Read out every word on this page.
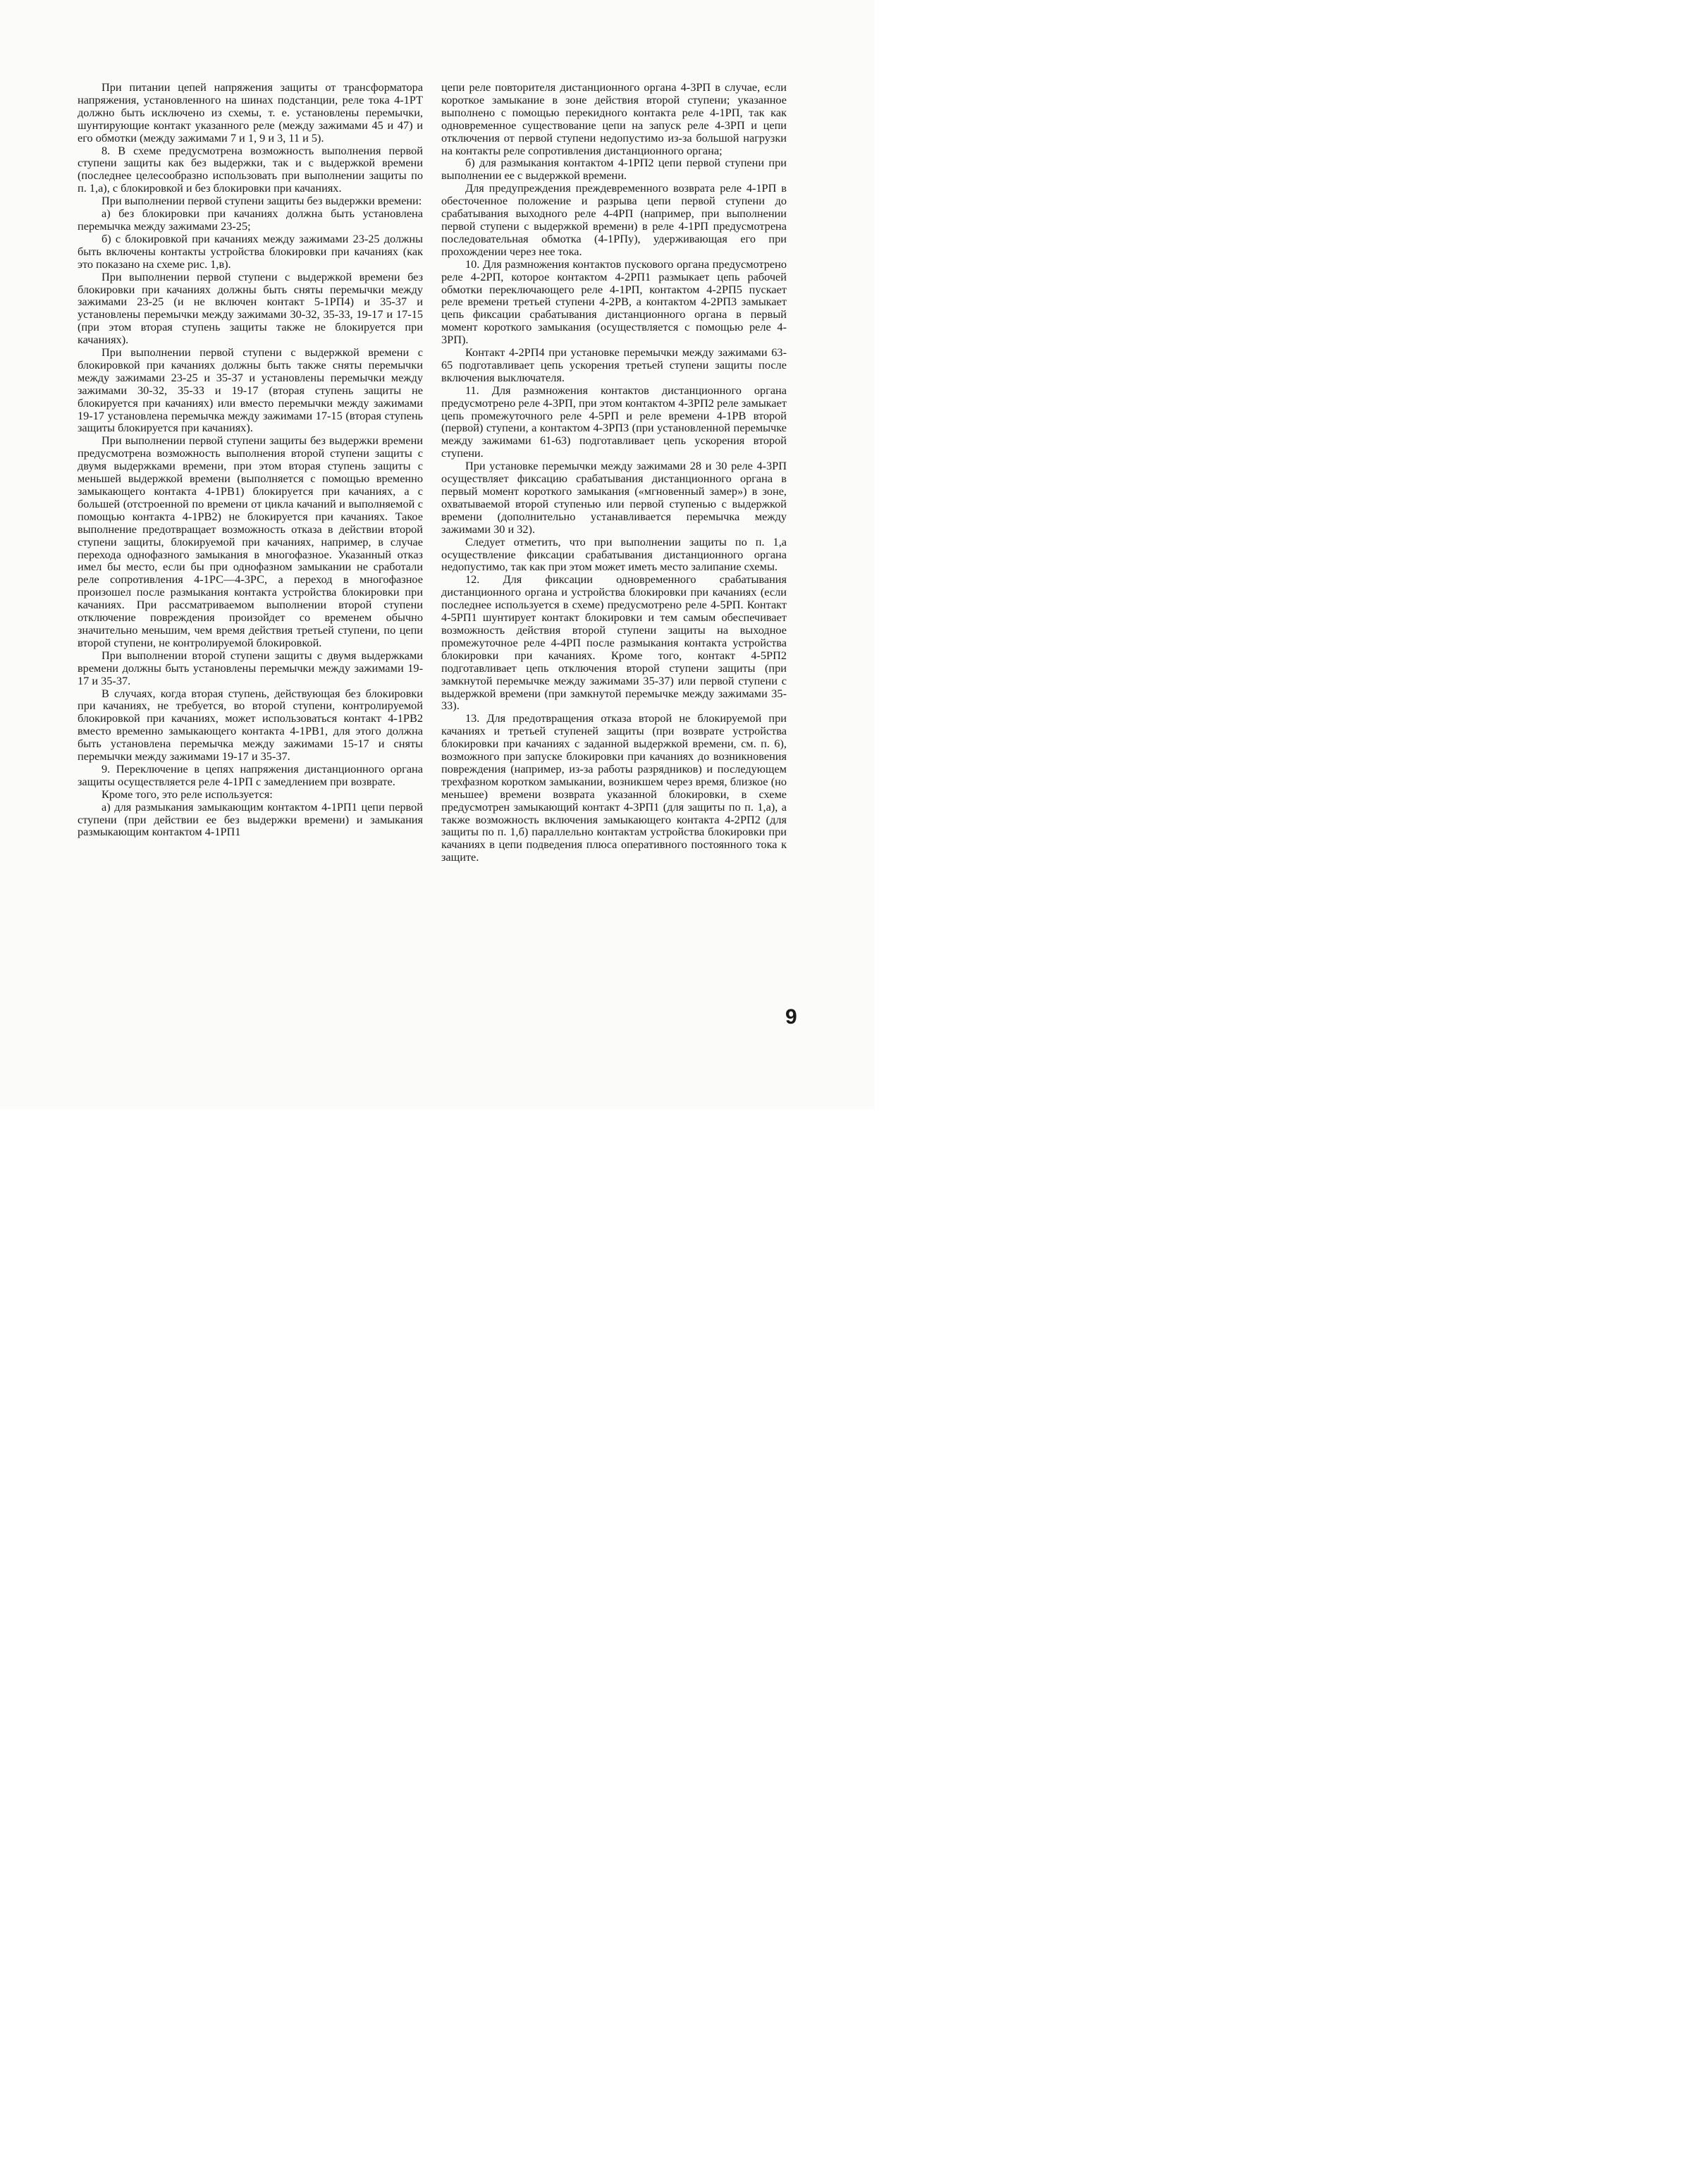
При питании цепей напряжения защиты от трансформатора напряжения, установленного на шинах подстанции, реле тока 4-1РТ должно быть исключено из схемы, т. е. установлены перемычки, шунтирующие контакт указанного реле (между зажимами 45 и 47) и его обмотки (между зажимами 7 и 1, 9 и 3, 11 и 5).

8. В схеме предусмотрена возможность выполнения первой ступени защиты как без выдержки, так и с выдержкой времени (последнее целесообразно использовать при выполнении защиты по п. 1,а), с блокировкой и без блокировки при качаниях.

При выполнении первой ступени защиты без выдержки времени:

а) без блокировки при качаниях должна быть установлена перемычка между зажимами 23-25;

б) с блокировкой при качаниях между зажимами 23-25 должны быть включены контакты устройства блокировки при качаниях (как это показано на схеме рис. 1,в).

При выполнении первой ступени с выдержкой времени без блокировки при качаниях должны быть сняты перемычки между зажимами 23-25 (и не включен контакт 5-1РП4) и 35-37 и установлены перемычки между зажимами 30-32, 35-33, 19-17 и 17-15 (при этом вторая ступень защиты также не блокируется при качаниях).

При выполнении первой ступени с выдержкой времени с блокировкой при качаниях должны быть также сняты перемычки между зажимами 23-25 и 35-37 и установлены перемычки между зажимами 30-32, 35-33 и 19-17 (вторая ступень защиты не блокируется при качаниях) или вместо перемычки между зажимами 19-17 установлена перемычка между зажимами 17-15 (вторая ступень защиты блокируется при качаниях).

При выполнении первой ступени защиты без выдержки времени предусмотрена возможность выполнения второй ступени защиты с двумя выдержками времени, при этом вторая ступень защиты с меньшей выдержкой времени (выполняется с помощью временно замыкающего контакта 4-1РВ1) блокируется при качаниях, а с большей (отстроенной по времени от цикла качаний и выполняемой с помощью контакта 4-1РВ2) не блокируется при качаниях. Такое выполнение предотвращает возможность отказа в действии второй ступени защиты, блокируемой при качаниях, например, в случае перехода однофазного замыкания в многофазное. Указанный отказ имел бы место, если бы при однофазном замыкании не сработали реле сопротивления 4-1РС—4-3РС, а переход в многофазное произошел после размыкания контакта устройства блокировки при качаниях. При рассматриваемом выполнении второй ступени отключение повреждения произойдет со временем обычно значительно меньшим, чем время действия третьей ступени, по цепи второй ступени, не контролируемой блокировкой.

При выполнении второй ступени защиты с двумя выдержками времени должны быть установлены перемычки между зажимами 19-17 и 35-37.

В случаях, когда вторая ступень, действующая без блокировки при качаниях, не требуется, во второй ступени, контролируемой блокировкой при качаниях, может использоваться контакт 4-1РВ2 вместо временно замыкающего контакта 4-1РВ1, для этого должна быть установлена перемычка между зажимами 15-17 и сняты перемычки между зажимами 19-17 и 35-37.

9. Переключение в цепях напряжения дистанционного органа защиты осуществляется реле 4-1РП с замедлением при возврате.

Кроме того, это реле используется:

а) для размыкания замыкающим контактом 4-1РП1 цепи первой ступени (при действии ее без выдержки времени) и замыкания размыкающим контактом 4-1РП1

цепи реле повторителя дистанционного органа 4-3РП в случае, если короткое замыкание в зоне действия второй ступени; указанное выполнено с помощью перекидного контакта реле 4-1РП, так как одновременное существование цепи на запуск реле 4-3РП и цепи отключения от первой ступени недопустимо из-за большой нагрузки на контакты реле сопротивления дистанционного органа;

б) для размыкания контактом 4-1РП2 цепи первой ступени при выполнении ее с выдержкой времени.

Для предупреждения преждевременного возврата реле 4-1РП в обесточенное положение и разрыва цепи первой ступени до срабатывания выходного реле 4-4РП (например, при выполнении первой ступени с выдержкой времени) в реле 4-1РП предусмотрена последовательная обмотка (4-1РПу), удерживающая его при прохождении через нее тока.

10. Для размножения контактов пускового органа предусмотрено реле 4-2РП, которое контактом 4-2РП1 размыкает цепь рабочей обмотки переключающего реле 4-1РП, контактом 4-2РП5 пускает реле времени третьей ступени 4-2РВ, а контактом 4-2РП3 замыкает цепь фиксации срабатывания дистанционного органа в первый момент короткого замыкания (осуществляется с помощью реле 4-3РП).

Контакт 4-2РП4 при установке перемычки между зажимами 63-65 подготавливает цепь ускорения третьей ступени защиты после включения выключателя.

11. Для размножения контактов дистанционного органа предусмотрено реле 4-3РП, при этом контактом 4-3РП2 реле замыкает цепь промежуточного реле 4-5РП и реле времени 4-1РВ второй (первой) ступени, а контактом 4-3РП3 (при установленной перемычке между зажимами 61-63) подготавливает цепь ускорения второй ступени.

При установке перемычки между зажимами 28 и 30 реле 4-3РП осуществляет фиксацию срабатывания дистанционного органа в первый момент короткого замыкания («мгновенный замер») в зоне, охватываемой второй ступенью или первой ступенью с выдержкой времени (дополнительно устанавливается перемычка между зажимами 30 и 32).

Следует отметить, что при выполнении защиты по п. 1,а осуществление фиксации срабатывания дистанционного органа недопустимо, так как при этом может иметь место залипание схемы.

12. Для фиксации одновременного срабатывания дистанционного органа и устройства блокировки при качаниях (если последнее используется в схеме) предусмотрено реле 4-5РП. Контакт 4-5РП1 шунтирует контакт блокировки и тем самым обеспечивает возможность действия второй ступени защиты на выходное промежуточное реле 4-4РП после размыкания контакта устройства блокировки при качаниях. Кроме того, контакт 4-5РП2 подготавливает цепь отключения второй ступени защиты (при замкнутой перемычке между зажимами 35-37) или первой ступени с выдержкой времени (при замкнутой перемычке между зажимами 35-33).

13. Для предотвращения отказа второй не блокируемой при качаниях и третьей ступеней защиты (при возврате устройства блокировки при качаниях с заданной выдержкой времени, см. п. 6), возможного при запуске блокировки при качаниях до возникновения повреждения (например, из-за работы разрядников) и последующем трехфазном коротком замыкании, возникшем через время, близкое (но меньшее) времени возврата указанной блокировки, в схеме предусмотрен замыкающий контакт 4-3РП1 (для защиты по п. 1,а), а также возможность включения замыкающего контакта 4-2РП2 (для защиты по п. 1,б) параллельно контактам устройства блокировки при качаниях в цепи подведения плюса оперативного постоянного тока к защите.

9
